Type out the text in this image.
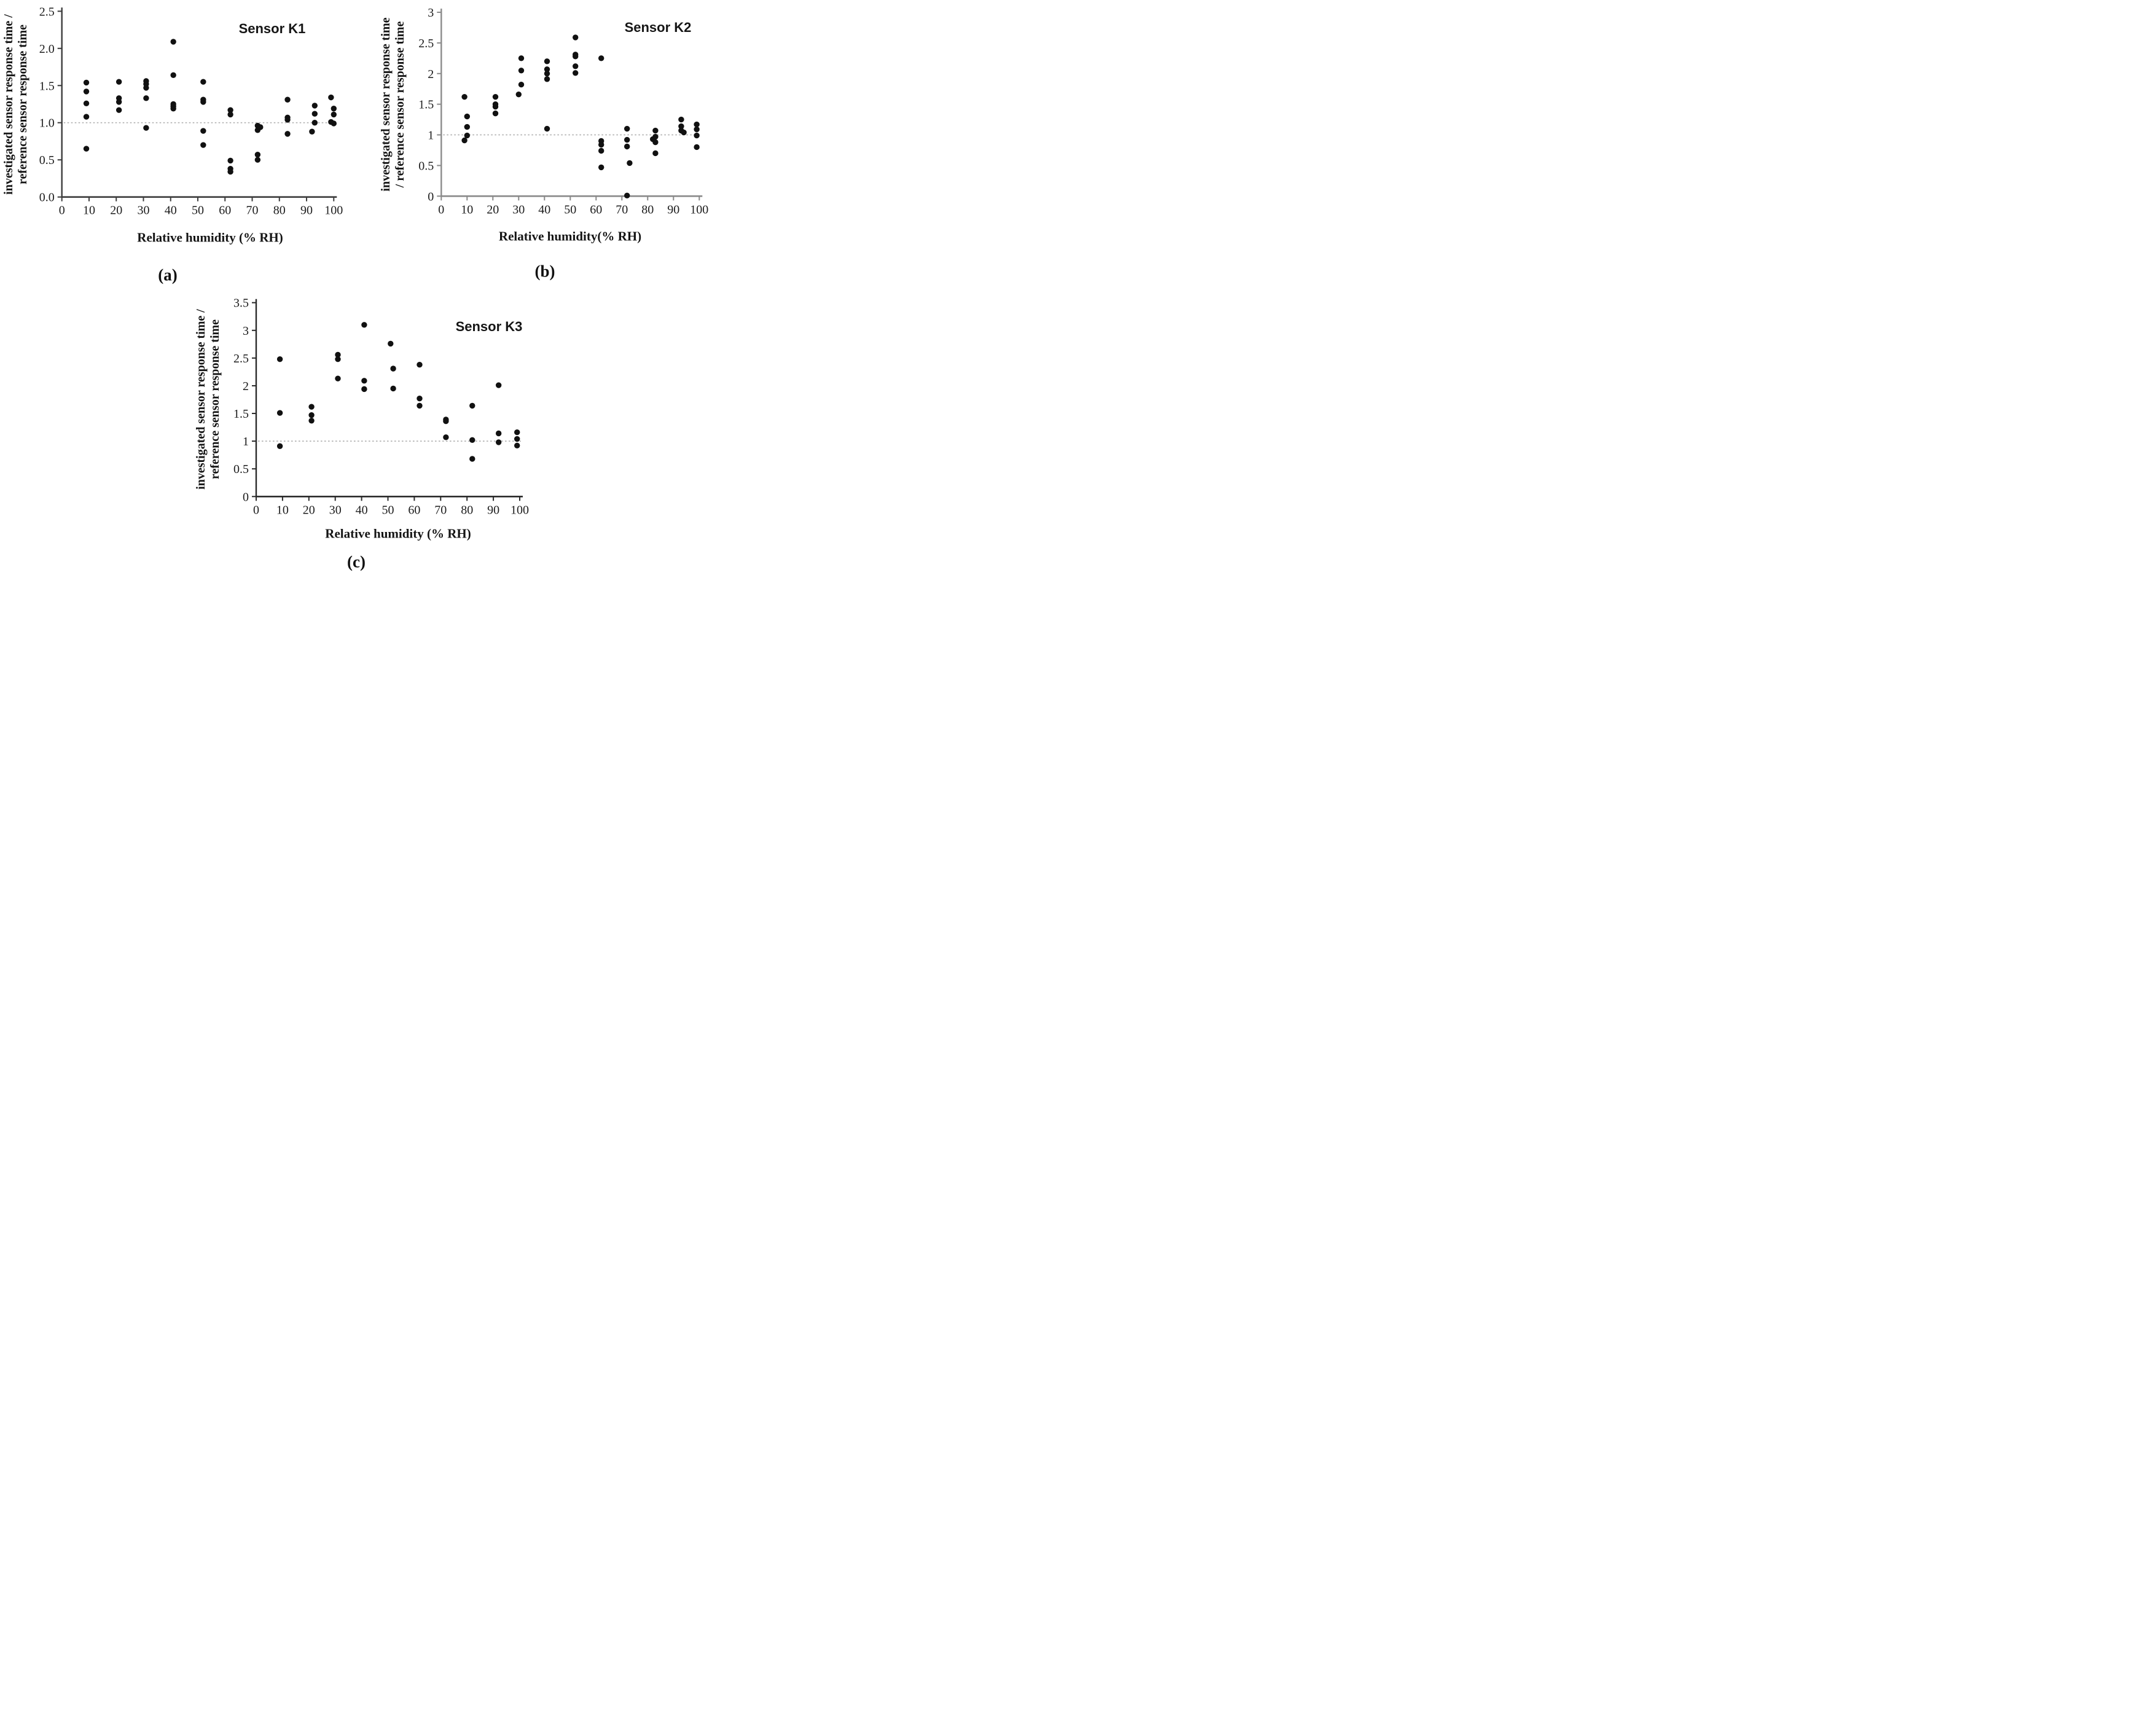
0.0
0.5
1.0
1.5
2.0
2.5
0 10 20 30 40 50 60 70 80 90 100
0
0.5
1
1.5
2
2.5
3
0 10 20 30 40 50 60 70 80 90 100
0
0.5
1
1.5
2
2.5
3
3.5
0 10 20 30 40 50 60 70 80 90 100
Sensor K1
investigated sensor response time / reference sensor response time
Relative humidity (% RH)
(a)
Sensor K2
investigated sensor response time / reference sensor response time
Relative humidity(% RH)
(b)
Sensor K3
investigated sensor response time / reference sensor response time
Relative humidity (% RH)
(c)
